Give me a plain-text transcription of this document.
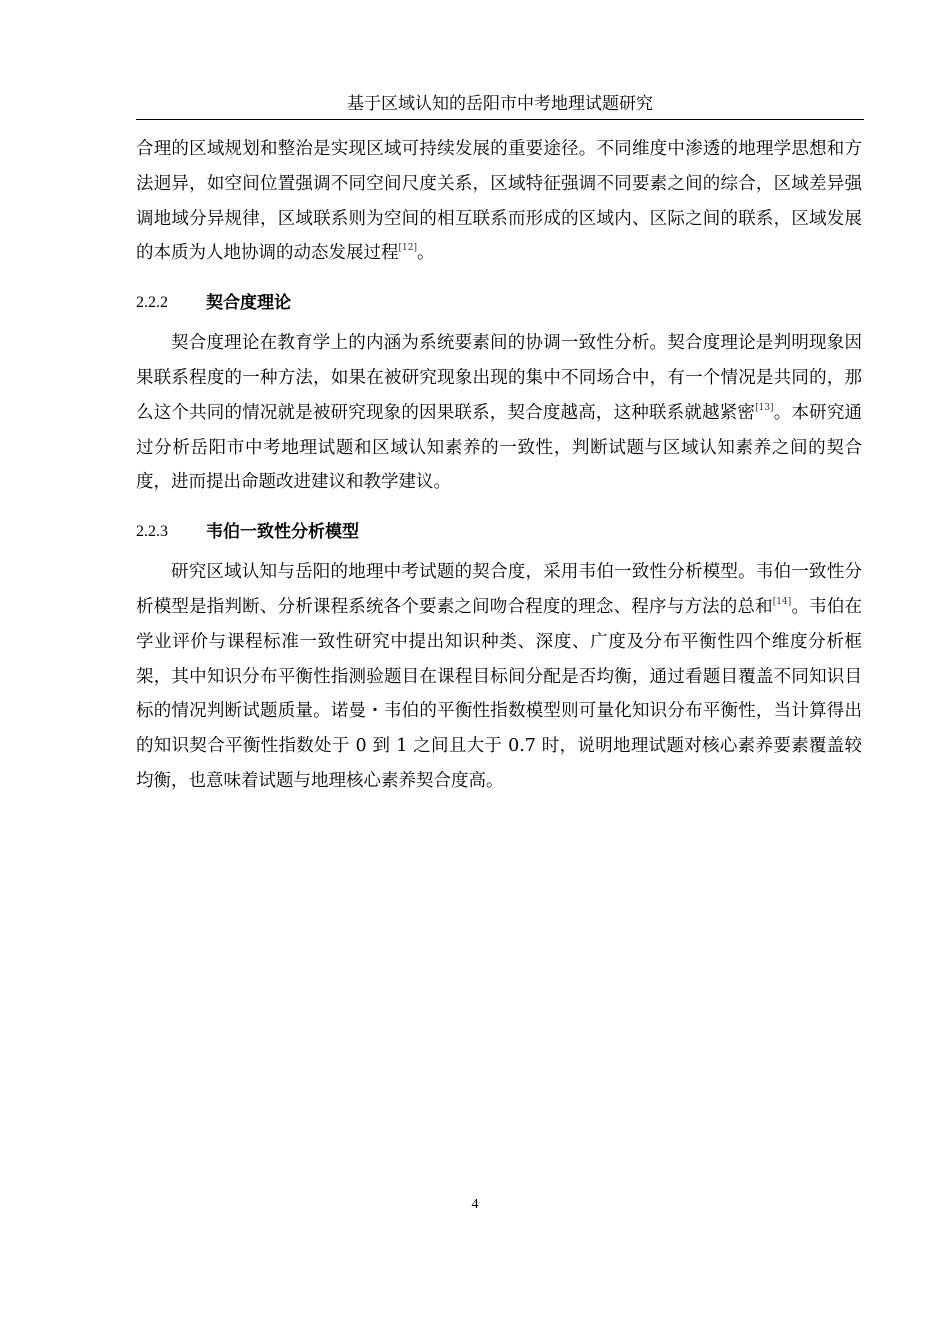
基于区域认知的岳阳市中考地理试题研究

合理的区域规划和整治是实现区域可持续发展的重要途径。不同维度中渗透的地理学思想和方法迥异，如空间位置强调不同空间尺度关系，区域特征强调不同要素之间的综合，区域差异强调地域分异规律，区域联系则为空间的相互联系而形成的区域内、区际之间的联系，区域发展的本质为人地协调的动态发展过程[12]。

2.2.2	契合度理论

契合度理论在教育学上的内涵为系统要素间的协调一致性分析。契合度理论是判明现象因果联系程度的一种方法，如果在被研究现象出现的集中不同场合中，有一个情况是共同的，那么这个共同的情况就是被研究现象的因果联系，契合度越高，这种联系就越紧密[13]。本研究通过分析岳阳市中考地理试题和区域认知素养的一致性，判断试题与区域认知素养之间的契合度，进而提出命题改进建议和教学建议。

2.2.3	韦伯一致性分析模型

研究区域认知与岳阳的地理中考试题的契合度，采用韦伯一致性分析模型。韦伯一致性分析模型是指判断、分析课程系统各个要素之间吻合程度的理念、程序与方法的总和[14]。韦伯在学业评价与课程标准一致性研究中提出知识种类、深度、广度及分布平衡性四个维度分析框架，其中知识分布平衡性指测验题目在课程目标间分配是否均衡，通过看题目覆盖不同知识目标的情况判断试题质量。诺曼・韦伯的平衡性指数模型则可量化知识分布平衡性，当计算得出的知识契合平衡性指数处于 0 到 1 之间且大于 0.7 时，说明地理试题对核心素养要素覆盖较均衡，也意味着试题与地理核心素养契合度高。

4
